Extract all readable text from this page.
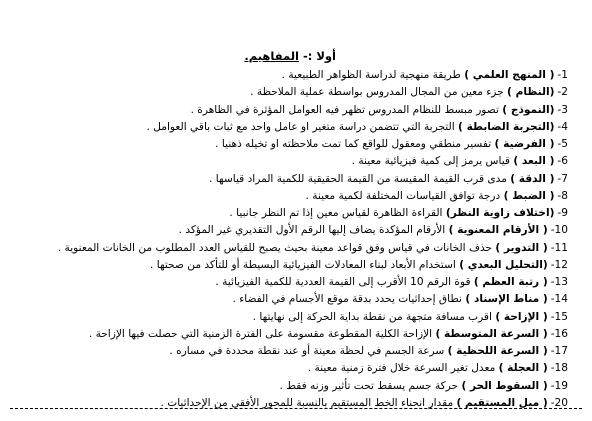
أولا :- المفاهيم.
1-( المنهج العلمي ) طريقة منهجية لدراسة الظواهر الطبيعية .
2-(النظام ) جزء معين من المجال المدروس بواسطة عملية الملاحظة .
3-(النموذج ) تصور مبسط للنظام المدروس تظهر فيه العوامل المؤثرة في الظاهرة .
4-(التجربة الضابطة ) التجربة التي تتضمن دراسة متغير او عامل واحد مع ثبات باقي العوامل .
5-( الفرضية ) تفسير منطقي ومعقول للواقع كما تمت ملاحظته او تخيله ذهنيا .
6-( البعد ) قياس يرمز إلى كمية فيزيائية معينة .
7-( الدقة ) مدى قرب القيمة المقيسة من القيمة الحقيقية للكمية المراد قياسها .
8-( الضبط ) درجة توافق القياسات المختلفة لكمية معينة .
9-(اختلاف زاوية النظر) القراءة الظاهرة لقياس معين إذا تم النظر جانبيا .
10-( الأرقام المعنوية ) الأرقام المؤكدة يضاف إليها الرقم الأول التقديري غير المؤكد .
11-( التدوير ) حذف الخانات في قياس وفق قواعد معينة بحيث يصبح للقياس العدد المطلوب من الخانات المعنوية .
12-(التحليل البعدي ) استخدام الأبعاد لبناء المعادلات الفيزيائية البسيطة أو للتأكد من صحتها .
13-( رتبة العظم ) قوة الرقم 10 الأقرب إلى القيمة العددية للكمية الفيزيائية .
14-( مناط الإسناد ) نطاق إحداثيات يحدد بدقة موقع الأجسام في الفضاء .
15-( الإزاحة ) اقرب مسافة متجهة من نقطة بداية الحركة إلى نهايتها .
16-( السرعة المتوسطة ) الإزاحة الكلية المقطوعة مقسومة على الفترة الزمنية التي حصلت فيها الإزاحة .
17-( السرعة اللحظية ) سرعة الجسم في لحظة معينة أو عند نقطة محددة في مساره .
18-( العجلة ) معدل تغير السرعة خلال فترة زمنية معينة .
19-( السقوط الحر ) حركة جسم يسقط تحت تأثير وزنه فقط .
20-( ميل المستقيم ) مقدار انحناء الخط المستقيم بالنسبة للمحور الأفقي من الإحداثيات .
